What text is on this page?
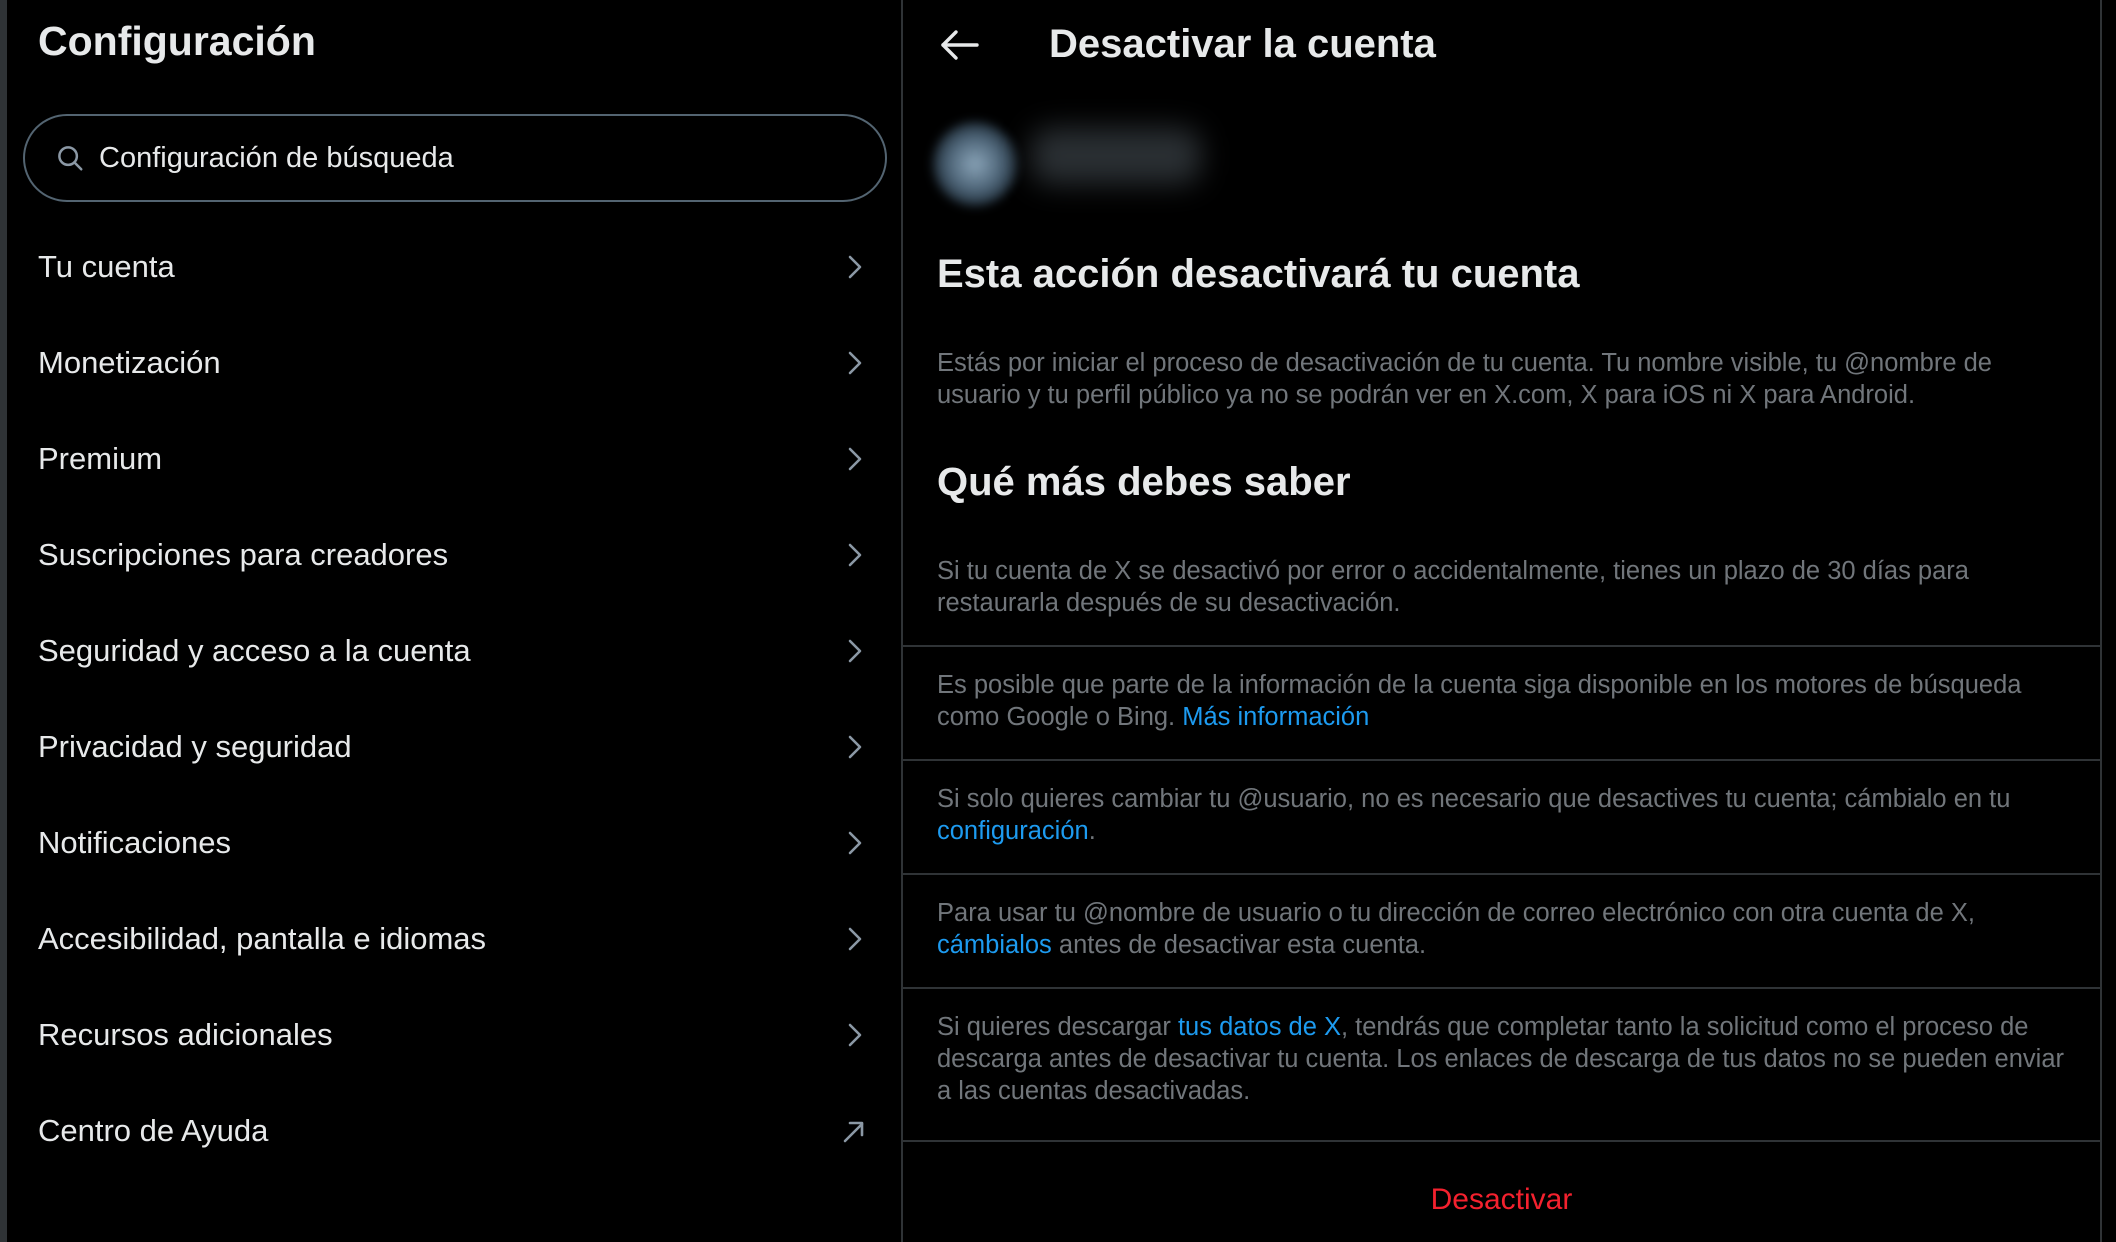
Configuración
Configuración de búsqueda
Tu cuenta
Monetización
Premium
Suscripciones para creadores
Seguridad y acceso a la cuenta
Privacidad y seguridad
Notificaciones
Accesibilidad, pantalla e idiomas
Recursos adicionales
Centro de Ayuda
Desactivar la cuenta
Esta acción desactivará tu cuenta
Estás por iniciar el proceso de desactivación de tu cuenta. Tu nombre visible, tu @nombre de usuario y tu perfil público ya no se podrán ver en X.com, X para iOS ni X para Android.
Qué más debes saber
Si tu cuenta de X se desactivó por error o accidentalmente, tienes un plazo de 30 días para restaurarla después de su desactivación.
Es posible que parte de la información de la cuenta siga disponible en los motores de búsqueda como Google o Bing. Más información
Si solo quieres cambiar tu @usuario, no es necesario que desactives tu cuenta; cámbialo en tu configuración.
Para usar tu @nombre de usuario o tu dirección de correo electrónico con otra cuenta de X, cámbialos antes de desactivar esta cuenta.
Si quieres descargar tus datos de X, tendrás que completar tanto la solicitud como el proceso de descarga antes de desactivar tu cuenta. Los enlaces de descarga de tus datos no se pueden enviar a las cuentas desactivadas.
Desactivar
